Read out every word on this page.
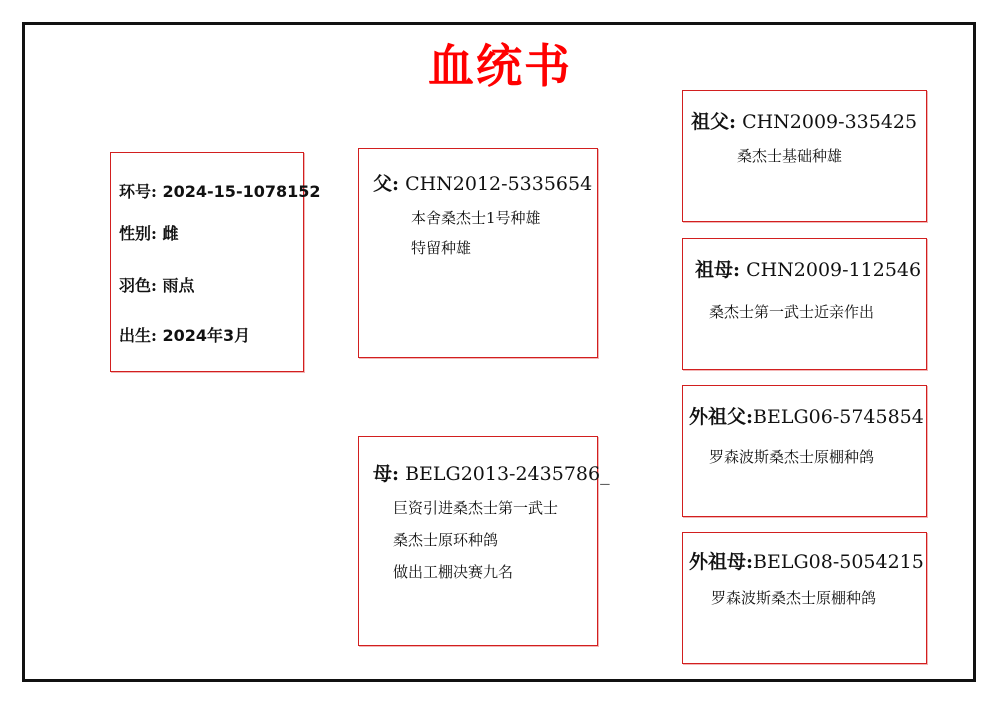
血统书
环号: 2024-15-1078152
性别: 雌
羽色: 雨点
出生: 2024年3月
父: CHN2012-5335654
本舍桑杰士1号种雄
特留种雄
母: BELG2013-2435786_
巨资引进桑杰士第一武士
桑杰士原环种鸽
做出工棚决赛九名
祖父: CHN2009-335425
桑杰士基础种雄
祖母: CHN2009-112546
桑杰士第一武士近亲作出
外祖父:BELG06-5745854
罗森波斯桑杰士原棚种鸽
外祖母:BELG08-5054215
罗森波斯桑杰士原棚种鸽
